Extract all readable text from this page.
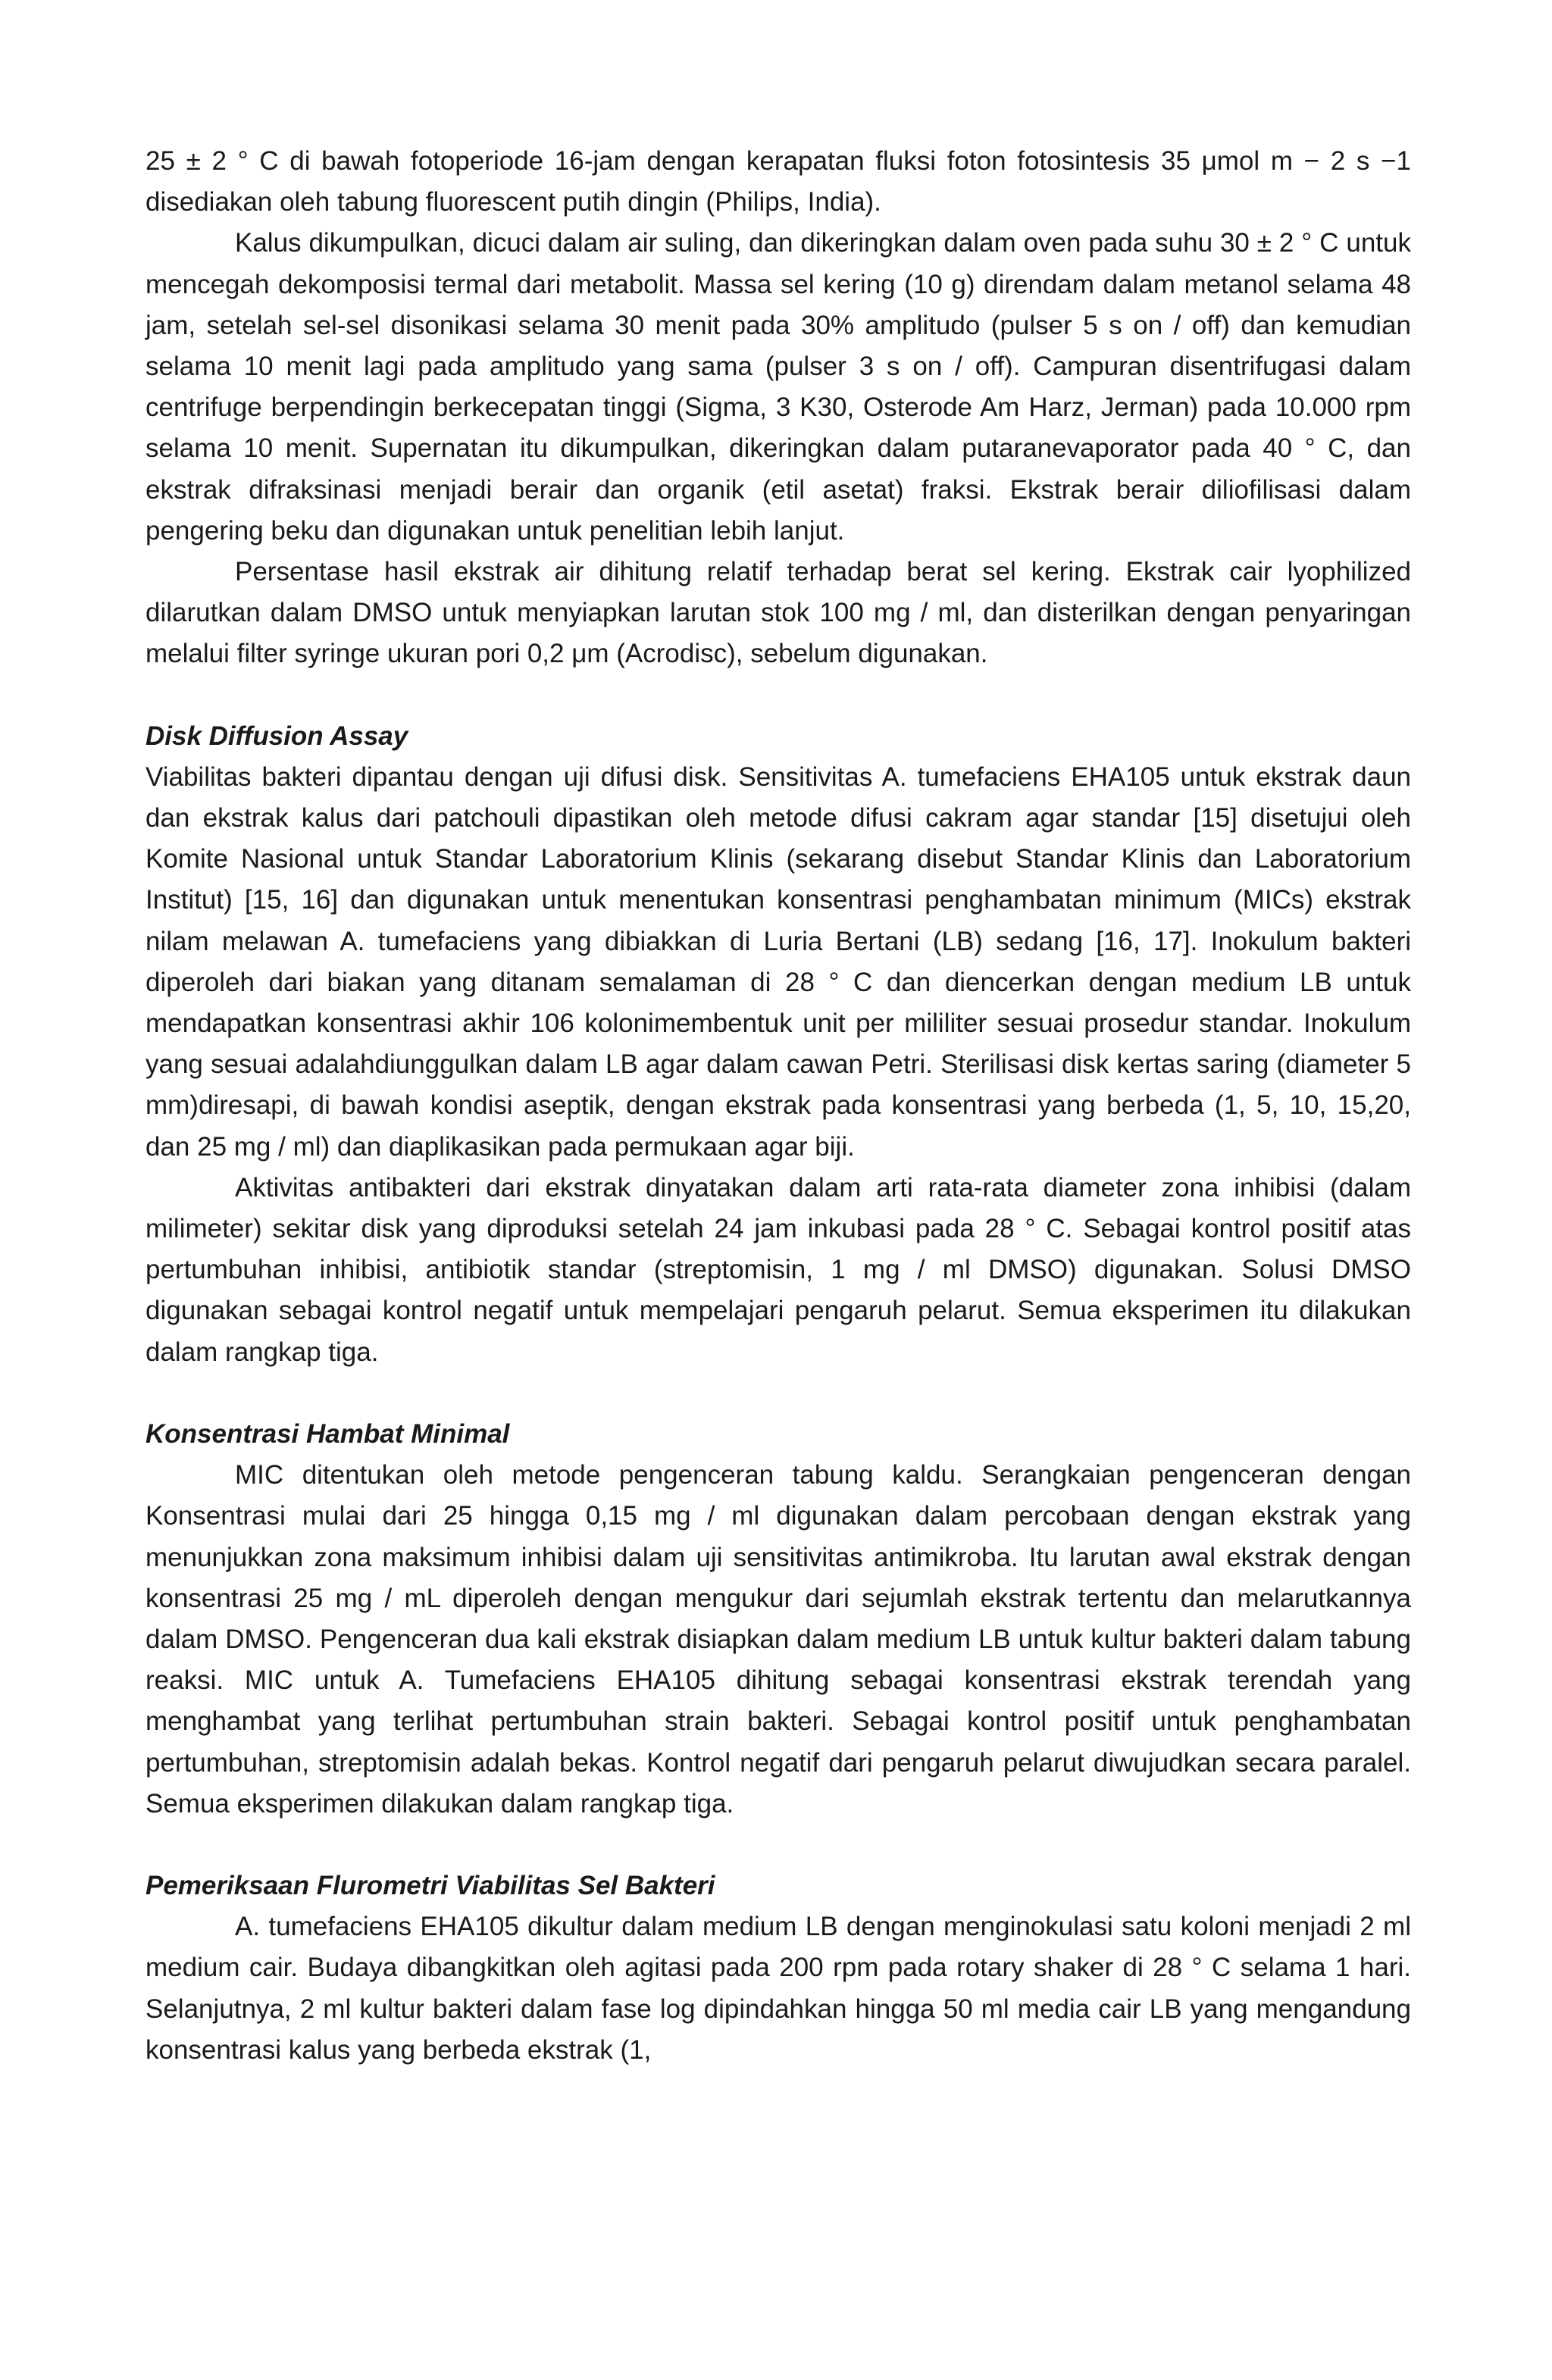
25 ± 2 ° C di bawah fotoperiode 16-jam dengan kerapatan fluksi foton fotosintesis 35 μmol m − 2 s −1 disediakan oleh tabung fluorescent putih dingin (Philips, India).

Kalus dikumpulkan, dicuci dalam air suling, dan dikeringkan dalam oven pada suhu 30 ± 2 ° C untuk mencegah dekomposisi termal dari metabolit. Massa sel kering (10 g) direndam dalam metanol selama 48 jam, setelah sel-sel disonikasi selama 30 menit pada 30% amplitudo (pulser 5 s on / off) dan kemudian selama 10 menit lagi pada amplitudo yang sama (pulser 3 s on / off). Campuran disentrifugasi dalam centrifuge berpendingin berkecepatan tinggi (Sigma, 3 K30, Osterode Am Harz, Jerman) pada 10.000 rpm selama 10 menit. Supernatan itu dikumpulkan, dikeringkan dalam putaranevaporator pada 40 ° C, dan ekstrak difraksinasi menjadi berair dan organik (etil asetat) fraksi. Ekstrak berair diliofilisasi dalam pengering beku dan digunakan untuk penelitian lebih lanjut.

Persentase hasil ekstrak air dihitung relatif terhadap berat sel kering. Ekstrak cair lyophilized dilarutkan dalam DMSO untuk menyiapkan larutan stok 100 mg / ml, dan disterilkan dengan penyaringan melalui filter syringe ukuran pori 0,2 μm (Acrodisc), sebelum digunakan.

Disk Diffusion Assay

Viabilitas bakteri dipantau dengan uji difusi disk. Sensitivitas A. tumefaciens EHA105 untuk ekstrak daun dan ekstrak kalus dari patchouli dipastikan oleh metode difusi cakram agar standar [15] disetujui oleh Komite Nasional untuk Standar Laboratorium Klinis (sekarang disebut Standar Klinis dan Laboratorium Institut) [15, 16] dan digunakan untuk menentukan konsentrasi penghambatan minimum (MICs) ekstrak nilam melawan A. tumefaciens yang dibiakkan di Luria Bertani (LB) sedang [16, 17]. Inokulum bakteri diperoleh dari biakan yang ditanam semalaman di 28 ° C dan diencerkan dengan medium LB untuk mendapatkan konsentrasi akhir 106 kolonimembentuk unit per mililiter sesuai prosedur standar. Inokulum yang sesuai adalahdiunggulkan dalam LB agar dalam cawan Petri. Sterilisasi disk kertas saring (diameter 5 mm)diresapi, di bawah kondisi aseptik, dengan ekstrak pada konsentrasi yang berbeda (1, 5, 10, 15,20, dan 25 mg / ml) dan diaplikasikan pada permukaan agar biji.

Aktivitas antibakteri dari ekstrak dinyatakan dalam arti rata-rata diameter zona inhibisi (dalam milimeter) sekitar disk yang diproduksi setelah 24 jam inkubasi pada 28 ° C. Sebagai kontrol positif atas pertumbuhan inhibisi, antibiotik standar (streptomisin, 1 mg / ml DMSO) digunakan. Solusi DMSO digunakan sebagai kontrol negatif untuk mempelajari pengaruh pelarut. Semua eksperimen itu dilakukan dalam rangkap tiga.

Konsentrasi Hambat Minimal

MIC ditentukan oleh metode pengenceran tabung kaldu. Serangkaian pengenceran dengan Konsentrasi mulai dari 25 hingga 0,15 mg / ml digunakan dalam percobaan dengan ekstrak yang menunjukkan zona maksimum inhibisi dalam uji sensitivitas antimikroba. Itu larutan awal ekstrak dengan konsentrasi 25 mg / mL diperoleh dengan mengukur dari sejumlah ekstrak tertentu dan melarutkannya dalam DMSO. Pengenceran dua kali ekstrak disiapkan dalam medium LB untuk kultur bakteri dalam tabung reaksi. MIC untuk A. Tumefaciens EHA105 dihitung sebagai konsentrasi ekstrak terendah yang menghambat yang terlihat pertumbuhan strain bakteri. Sebagai kontrol positif untuk penghambatan pertumbuhan, streptomisin adalah bekas. Kontrol negatif dari pengaruh pelarut diwujudkan secara paralel. Semua eksperimen dilakukan dalam rangkap tiga.

Pemeriksaan Flurometri Viabilitas Sel Bakteri

A. tumefaciens EHA105 dikultur dalam medium LB dengan menginokulasi satu koloni menjadi 2 ml medium cair. Budaya dibangkitkan oleh agitasi pada 200 rpm pada rotary shaker di 28 ° C selama 1 hari. Selanjutnya, 2 ml kultur bakteri dalam fase log dipindahkan hingga 50 ml media cair LB yang mengandung konsentrasi kalus yang berbeda ekstrak (1,
